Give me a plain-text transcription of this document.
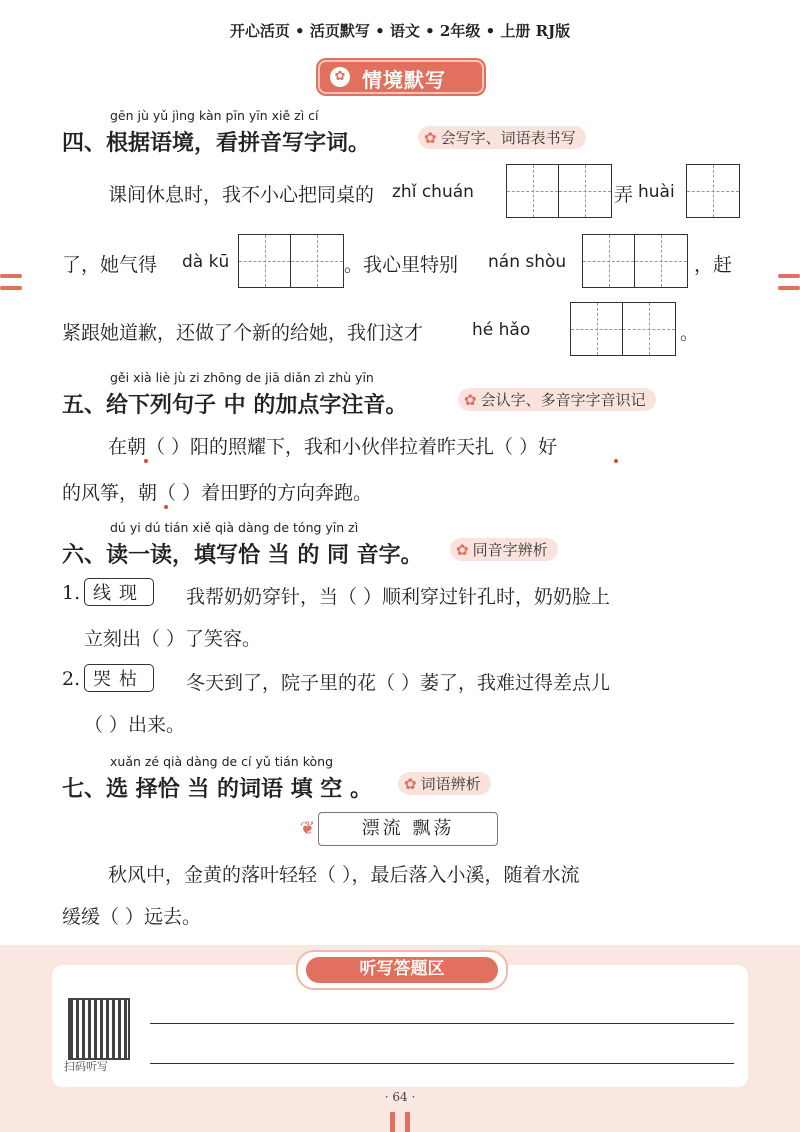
开心活页 • 活页默写 • 语文 • 2年级 • 上册 RJ版
✿ 情境默写
gēn jù yǔ jìng kàn pīn yīn xiě zì cí
四、根据语境，看拼音写字词。	✿ 会写字、词语表书写
课间休息时，我不小心把同桌的 zhǐ chuán	弄 huài
了，她气得 dà kū	。我心里特别 nán shòu	，赶
紧跟她道歉，还做了个新的给她，我们这才	hé hǎo	。
gěi xià liè jù zi zhōng de jiā diǎn zì zhù yīn
五、给下列句子 中 的加点字注音。	✿ 会认字、多音字字音识记
在朝（ ）阳的照耀下，我和小伙伴拉着昨天扎（ ）好
的风筝，朝（ ）着田野的方向奔跑。
dú yi dú tián xiě qià dàng de tóng yīn zì
六、读一读，填写恰 当 的 同 音字。	✿ 同音字辨析
1. 线现	我帮奶奶穿针，当（ ）顺利穿过针孔时，奶奶脸上
立刻出（ ）了笑容。
2. 哭枯	冬天到了，院子里的花（ ）萎了，我难过得差点儿
（ ）出来。
xuǎn zé qià dàng de cí yǔ tián kòng
七、选 择恰 当 的词语 填 空 。	✿ 词语辨析
❦	漂流 飘荡
秋风中，金黄的落叶轻轻（ ），最后落入小溪，随着水流
缓缓（ ）远去。
听写答题区
扫码听写
· 64 ·
